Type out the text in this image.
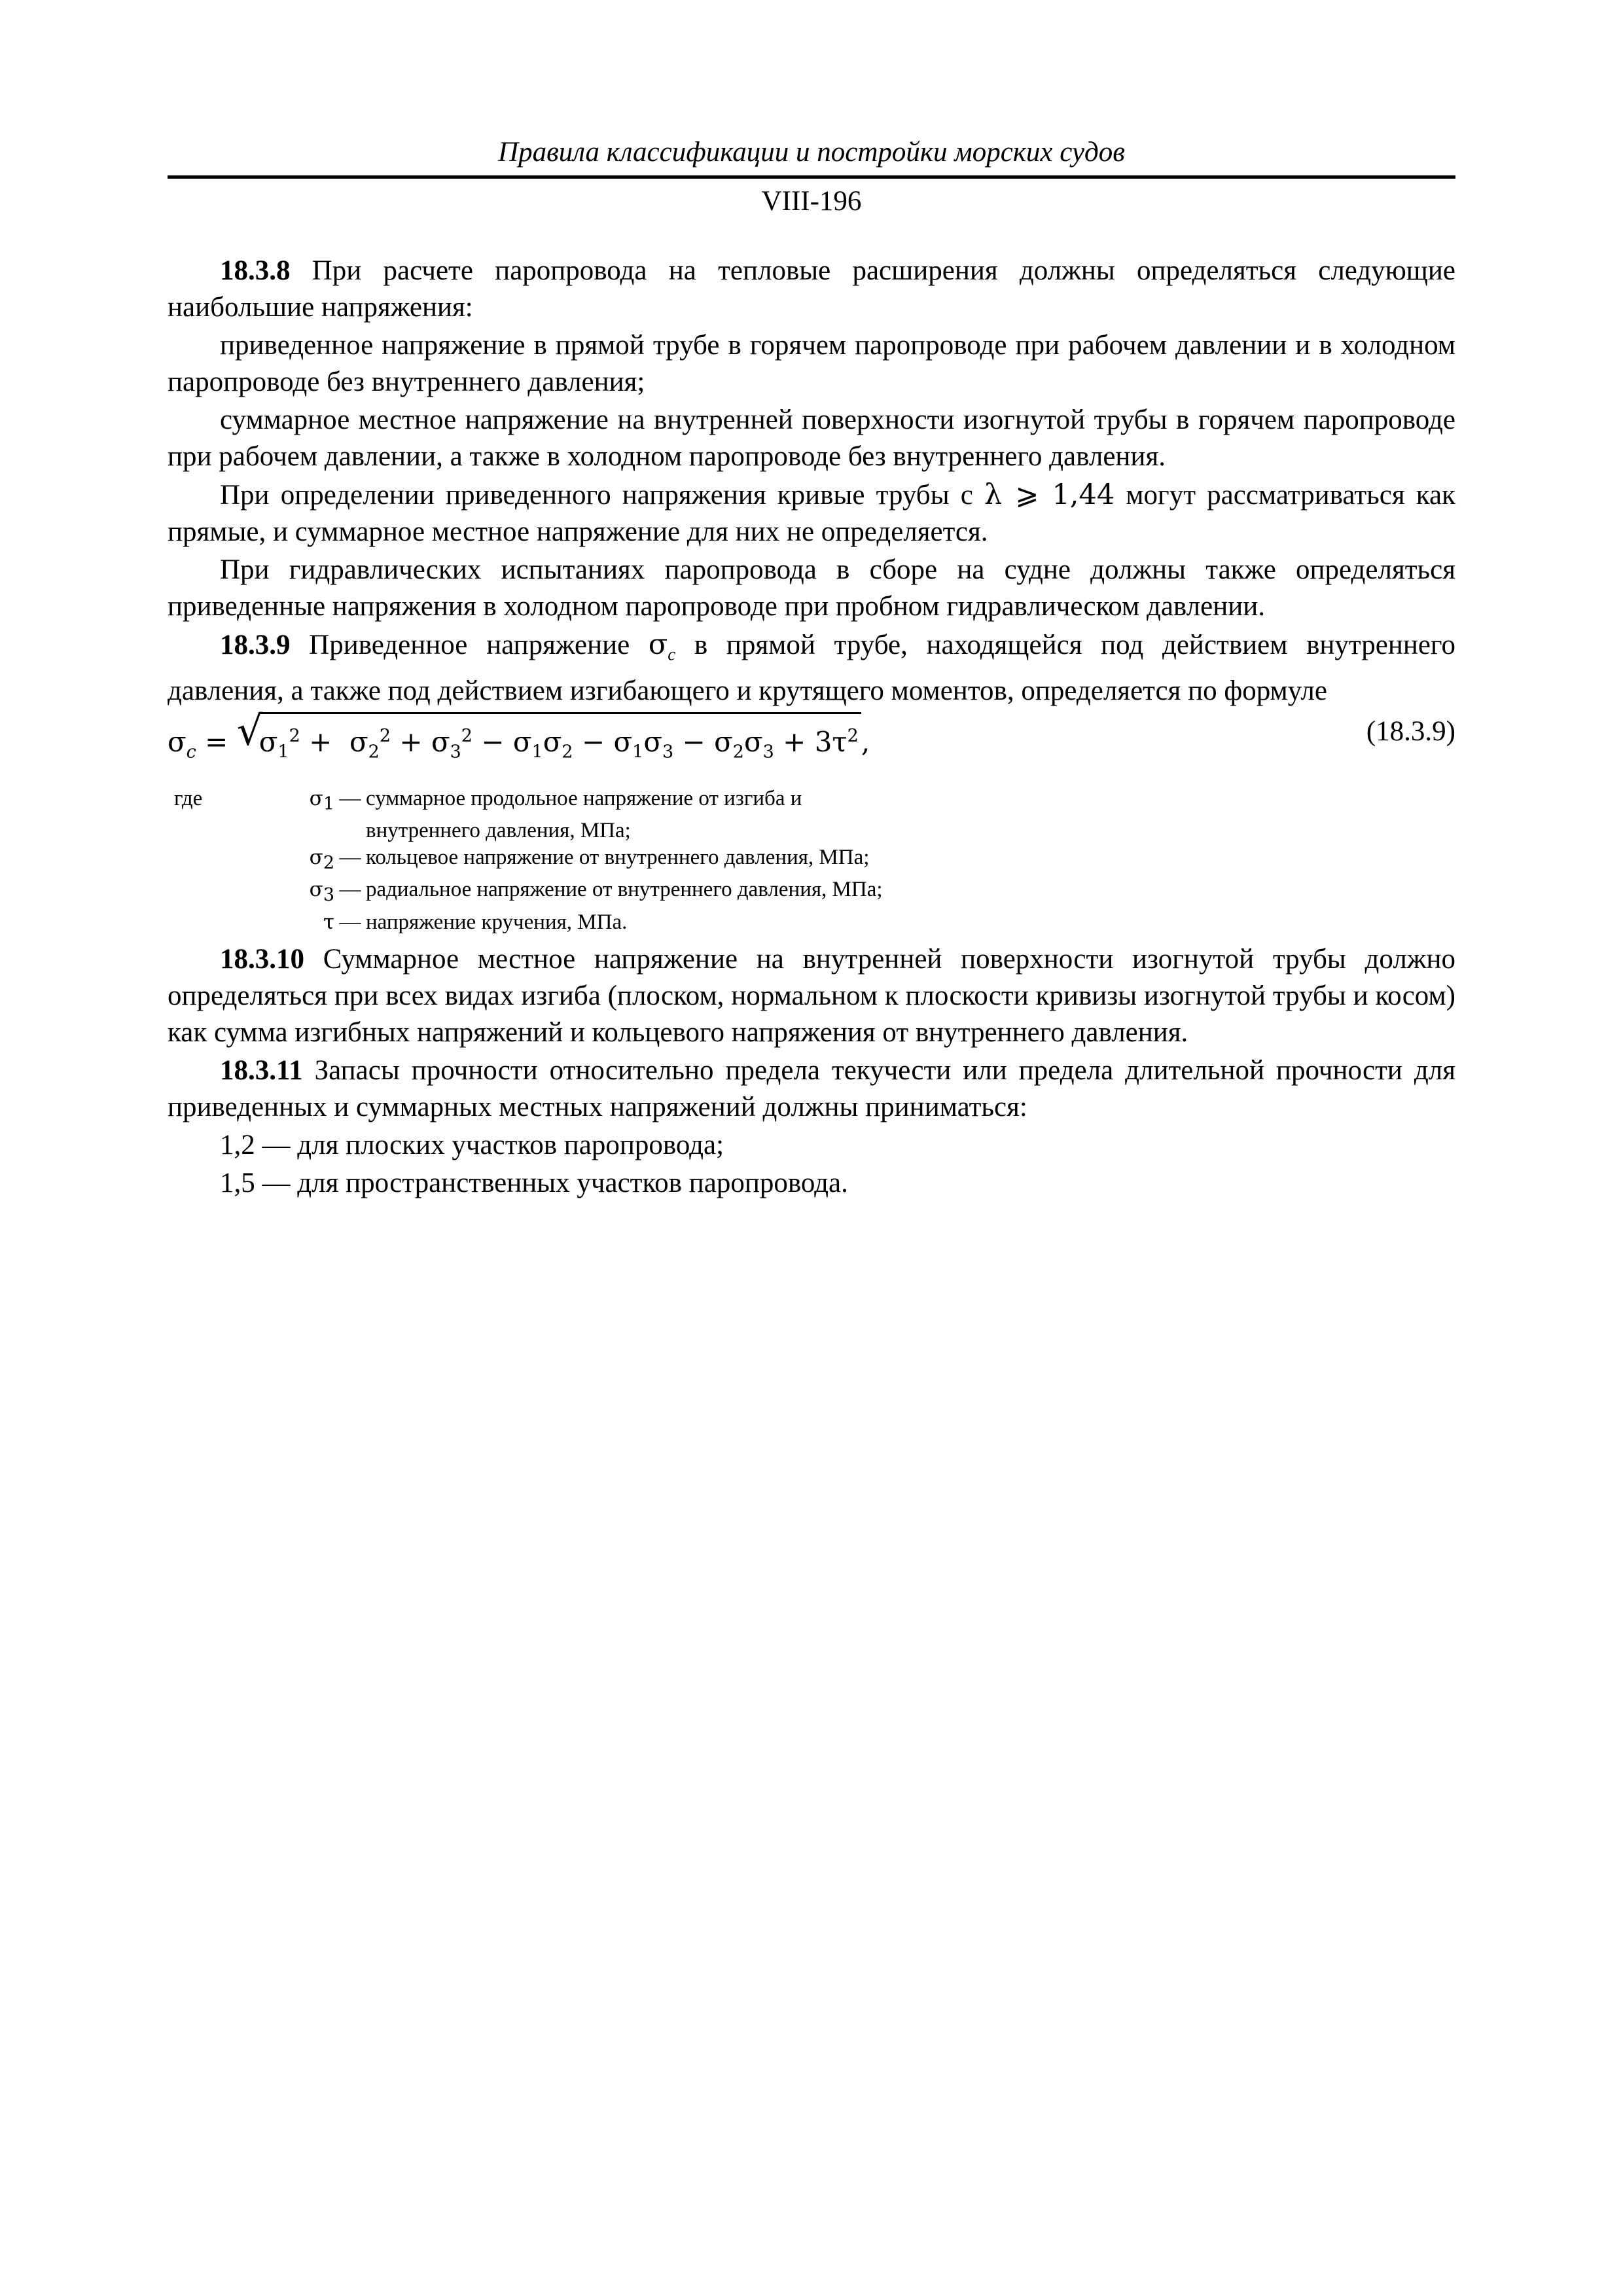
Правила классификации и постройки морских судов
VIII-196

18.3.8 При расчете паропровода на тепловые расширения должны определяться следующие наибольшие напряжения:

приведенное напряжение в прямой трубе в горячем паропроводе при рабочем давлении и в холодном паропроводе без внутреннего давления;

суммарное местное напряжение на внутренней поверхности изогнутой трубы в горячем паропроводе при рабочем давлении, а также в холодном паропроводе без внутреннего давления.

При определении приведенного напряжения кривые трубы с λ ⩾ 1,44 могут рассматриваться как прямые, и суммарное местное напряжение для них не определяется.

При гидравлических испытаниях паропровода в сборе на судне должны также определяться приведенные напряжения в холодном паропроводе при пробном гидравлическом давлении.

18.3.9 Приведенное напряжение $\sigma_c$ в прямой трубе, находящейся под действием внутреннего давления, а также под действием изгибающего и крутящего моментов, определяется по формуле

$\sigma_c$ = √
$\sigma_1^2 + \sigma_2^2 + \sigma_3^2 - \sigma_1\sigma_2 - \sigma_1\sigma_3 - \sigma_2\sigma_3 + 3\tau^2$,	(18.3.9)
где	$\sigma_1$ — суммарное продольное напряжение от изгиба и
внутреннего давления, МПа;
$\sigma_2$ — кольцевое напряжение от внутреннего давления, МПа;
$\sigma_3$ — радиальное напряжение от внутреннего давления, МПа;
τ — напряжение кручения, МПа.

18.3.10 Суммарное местное напряжение на внутренней поверхности изогнутой трубы должно определяться при всех видах изгиба (плоском, нормальном к плоскости кривизы изогнутой трубы и косом) как сумма изгибных напряжений и кольцевого напряжения от внутреннего давления.

18.3.11 Запасы прочности относительно предела текучести или предела длительной прочности для приведенных и суммарных местных напряжений должны приниматься:

1,2 — для плоских участков паропровода;

1,5 — для пространственных участков паропровода.
